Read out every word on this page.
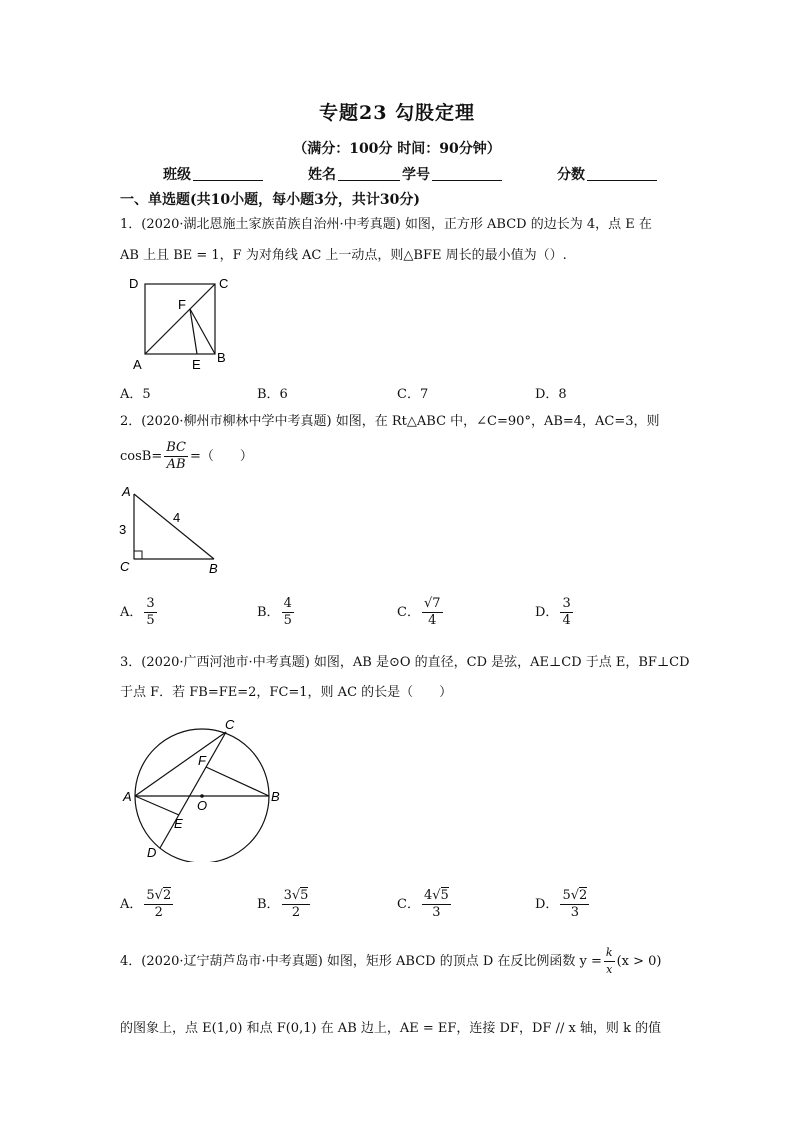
专题23 勾股定理
（满分：100分 时间：90分钟）
班级	姓名	学号	分数
一、单选题(共10小题，每小题3分，共计30分)
1．(2020·湖北恩施土家族苗族自治州·中考真题) 如图，正方形 ABCD 的边长为 4，点 E 在
AB 上且 BE = 1，F 为对角线 AC 上一动点，则△BFE 周长的最小值为（）.
D	C
F
A	E B
A．5	B．6	C．7	D．8
2．(2020·柳州市柳林中学中考真题) 如图，在 Rt△ABC 中，∠C=90°，AB=4，AC=3，则
$\cos B= \frac{BC}{AB}$ =（　　）
A
C	B
3
4
A． $\frac{3}{5}$	B． $\frac{4}{5}$	C． $\frac{√7}{4}$	D． $\frac{3}{4}$
3．(2020·广西河池市·中考真题) 如图，AB 是⊙O 的直径，CD 是弦，AE⊥CD 于点 E，BF⊥CD
于点 F．若 FB=FE=2，FC=1，则 AC 的长是（　　）
A	B
C
D
E
F
O
A． $\frac{5√2}{2}$	B． $\frac{3√5}{2}$	C． $\frac{4√5}{3}$	D． $\frac{5√2}{3}$
4．(2020·辽宁葫芦岛市·中考真题) 如图，矩形 ABCD 的顶点 D 在反比例函数 $y = \frac{k}{x} (x > 0)$
的图象上，点 E(1,0) 和点 F(0,1) 在 AB 边上，AE = EF，连接 DF，DF // x 轴，则 k 的值
